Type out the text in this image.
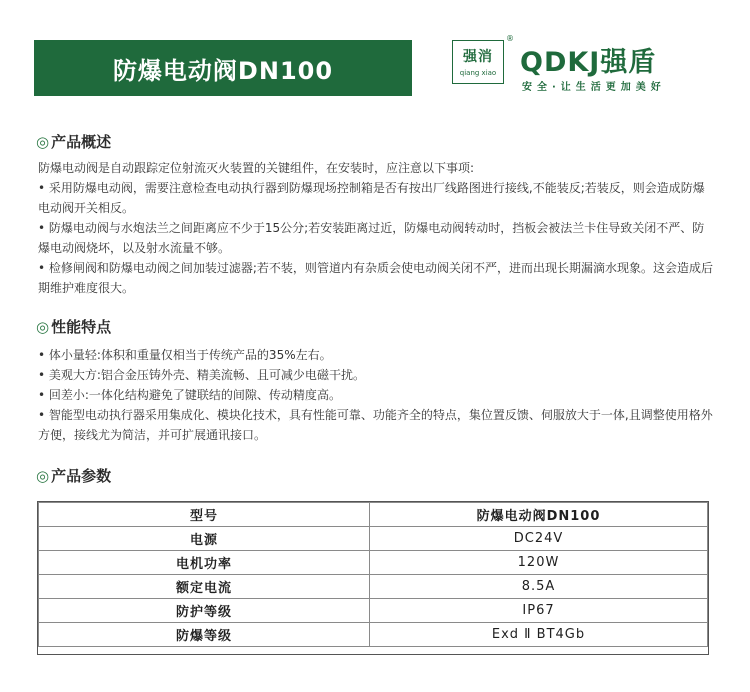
防爆电动阀DN100	强消
qiang xiao
®
QDKJ强盾
安全·让生活更加美好
◎ 产品概述

防爆电动阀是自动跟踪定位射流灭火装置的关键组件，在安装时，应注意以下事项:

• 采用防爆电动阀，需要注意检查电动执行器到防爆现场控制箱是否有按出厂线路图进行接线,不能装反;若装反，则会造成防爆电动阀开关相反。

• 防爆电动阀与水炮法兰之间距离应不少于15公分;若安装距离过近，防爆电动阀转动时，挡板会被法兰卡住导致关闭不严、防爆电动阀烧坏，以及射水流量不够。

• 检修闸阀和防爆电动阀之间加装过滤器;若不装，则管道内有杂质会使电动阀关闭不严，进而出现长期漏滴水现象。这会造成后期维护难度很大。

◎ 性能特点

• 体小量轻:体积和重量仅相当于传统产品的35%左右。

• 美观大方:铝合金压铸外壳、精美流畅、且可减少电磁干扰。

• 回差小:一体化结构避免了键联结的间隙、传动精度高。

• 智能型电动执行器采用集成化、模块化技术，具有性能可靠、功能齐全的特点，集位置反馈、伺服放大于一体,且调整使用格外方便，接线尤为简洁，并可扩展通讯接口。

◎ 产品参数
型号	防爆电动阀DN100
电源	DC24V
电机功率	120W
额定电流	8.5A
防护等级	IP67
防爆等级	Exd Ⅱ BT4Gb
